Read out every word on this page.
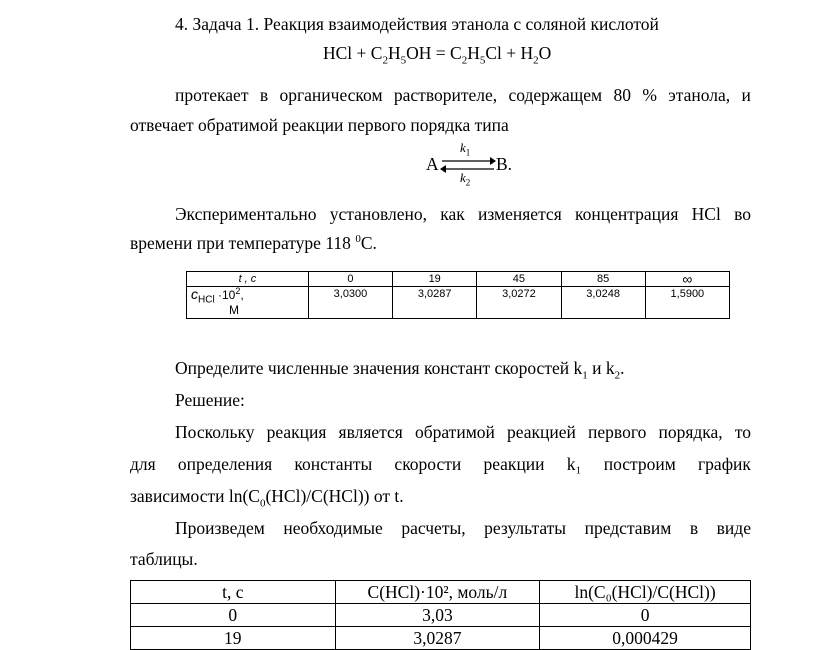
4. Задача 1. Реакция взаимодействия этанола с соляной кислотой
HCl + $C_2H_5OH = C_2H_5Cl + H_2O$
протекает в органическом растворителе, содержащем 80 % этанола, и
отвечает обратимой реакции первого порядка типа
A ⇌ B.
$k_1$
$k_2$
Экспериментально установлено, как изменяется концентрация HCl во
времени при температуре 118 $^0$C.
t , c	0	19	45	85	∞
$c_{HCl} \cdot 10^2$,
М	3,0300	3,0287	3,0272	3,0248	1,5900
Определите численные значения констант скоростей $k_1$ и $k_2$.
Решение:
Поскольку реакция является обратимой реакцией первого порядка, то
для определения константы скорости реакции k₁ построим график
зависимости $\ln(C_0(HCl)/C(HCl))$ от t.
Произведем необходимые расчеты, результаты представим в виде
таблицы.
t, c	C(HCl)·10², моль/л	ln(C₀(HCl)/C(HCl))
0	3,03	0
19	3,0287	0,000429
